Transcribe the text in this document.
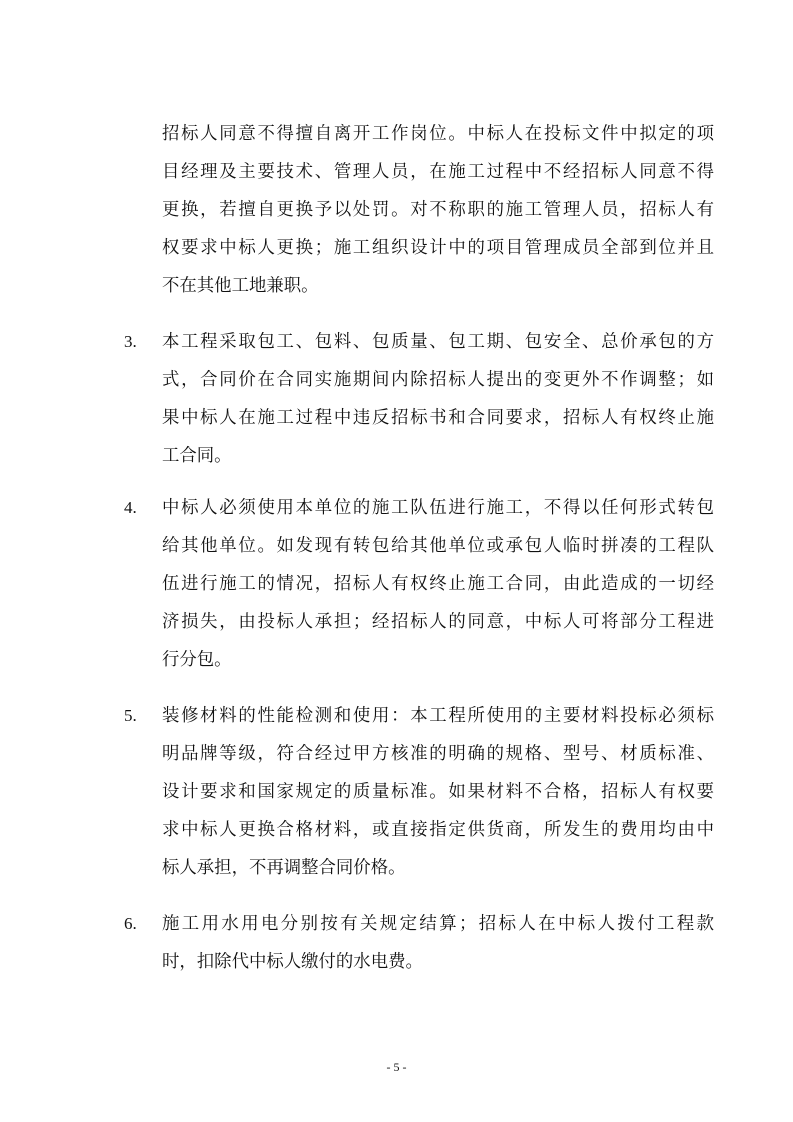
招标人同意不得擅自离开工作岗位。中标人在投标文件中拟定的项
目经理及主要技术、管理人员，在施工过程中不经招标人同意不得
更换，若擅自更换予以处罚。对不称职的施工管理人员，招标人有
权要求中标人更换；施工组织设计中的项目管理成员全部到位并且
不在其他工地兼职。
3.	本工程采取包工、包料、包质量、包工期、包安全、总价承包的方
式，合同价在合同实施期间内除招标人提出的变更外不作调整；如
果中标人在施工过程中违反招标书和合同要求，招标人有权终止施
工合同。
4.	中标人必须使用本单位的施工队伍进行施工，不得以任何形式转包
给其他单位。如发现有转包给其他单位或承包人临时拼凑的工程队
伍进行施工的情况，招标人有权终止施工合同，由此造成的一切经
济损失，由投标人承担；经招标人的同意，中标人可将部分工程进
行分包。
5.	装修材料的性能检测和使用：本工程所使用的主要材料投标必须标
明品牌等级，符合经过甲方核准的明确的规格、型号、材质标准、
设计要求和国家规定的质量标准。如果材料不合格，招标人有权要
求中标人更换合格材料，或直接指定供货商，所发生的费用均由中
标人承担，不再调整合同价格。
6.	施工用水用电分别按有关规定结算；招标人在中标人拨付工程款
时，扣除代中标人缴付的水电费。
- 5 -
